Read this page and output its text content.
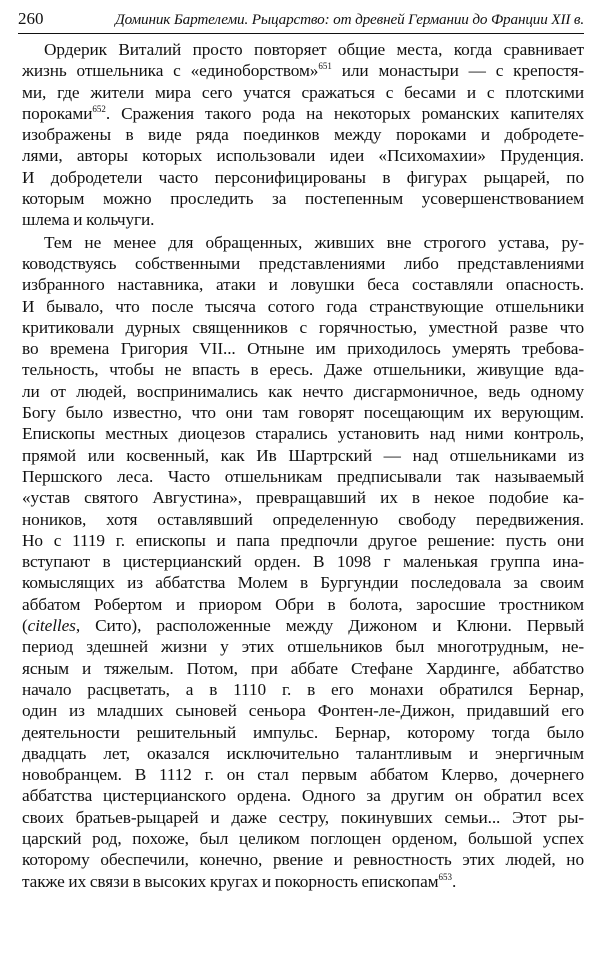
260	Доминик Бартелеми. Рыцарство: от древней Германии до Франции XII в.
Ордерик Виталий просто повторяет общие места, когда сравнивает
жизнь отшельника с «единоборством»$^{651}$ или монастыри — с крепостя-
ми, где жители мира сего учатся сражаться с бесами и с плотскими
пороками$^{652}$. Сражения такого рода на некоторых романских капителях
изображены в виде ряда поединков между пороками и добродете-
лями, авторы которых использовали идеи «Психомахии» Пруденция.
И добродетели часто персонифицированы в фигурах рыцарей, по
которым можно проследить за постепенным усовершенствованием
шлема и кольчуги.
Тем не менее для обращенных, живших вне строгого устава, ру-
ководствуясь собственными представлениями либо представлениями
избранного наставника, атаки и ловушки беса составляли опасность.
И бывало, что после тысяча сотого года странствующие отшельники
критиковали дурных священников с горячностью, уместной разве что
во времена Григория VII... Отныне им приходилось умерять требова-
тельность, чтобы не впасть в ересь. Даже отшельники, живущие вда-
ли от людей, воспринимались как нечто дисгармоничное, ведь одному
Богу было известно, что они там говорят посещающим их верующим.
Епископы местных диоцезов старались установить над ними контроль,
прямой или косвенный, как Ив Шартрский — над отшельниками из
Першского леса. Часто отшельникам предписывали так называемый
«устав святого Августина», превращавший их в некое подобие ка-
ноников, хотя оставлявший определенную свободу передвижения.
Но с 1119 г. епископы и папа предпочли другое решение: пусть они
вступают в цистерцианский орден. В 1098 г маленькая группа ина-
комыслящих из аббатства Молем в Бургундии последовала за своим
аббатом Робертом и приором Обри в болота, заросшие тростником
(citelles, Сито), расположенные между Дижоном и Клюни. Первый
период здешней жизни у этих отшельников был многотрудным, не-
ясным и тяжелым. Потом, при аббате Стефане Хардинге, аббатство
начало расцветать, а в 1110 г. в его монахи обратился Бернар,
один из младших сыновей сеньора Фонтен-ле-Дижон, придавший его
деятельности решительный импульс. Бернар, которому тогда было
двадцать лет, оказался исключительно талантливым и энергичным
новобранцем. В 1112 г. он стал первым аббатом Клерво, дочернего
аббатства цистерцианского ордена. Одного за другим он обратил всех
своих братьев-рыцарей и даже сестру, покинувших семьи... Этот ры-
царский род, похоже, был целиком поглощен орденом, большой успех
которому обеспечили, конечно, рвение и ревностность этих людей, но
также их связи в высоких кругах и покорность епископам$^{653}$.
